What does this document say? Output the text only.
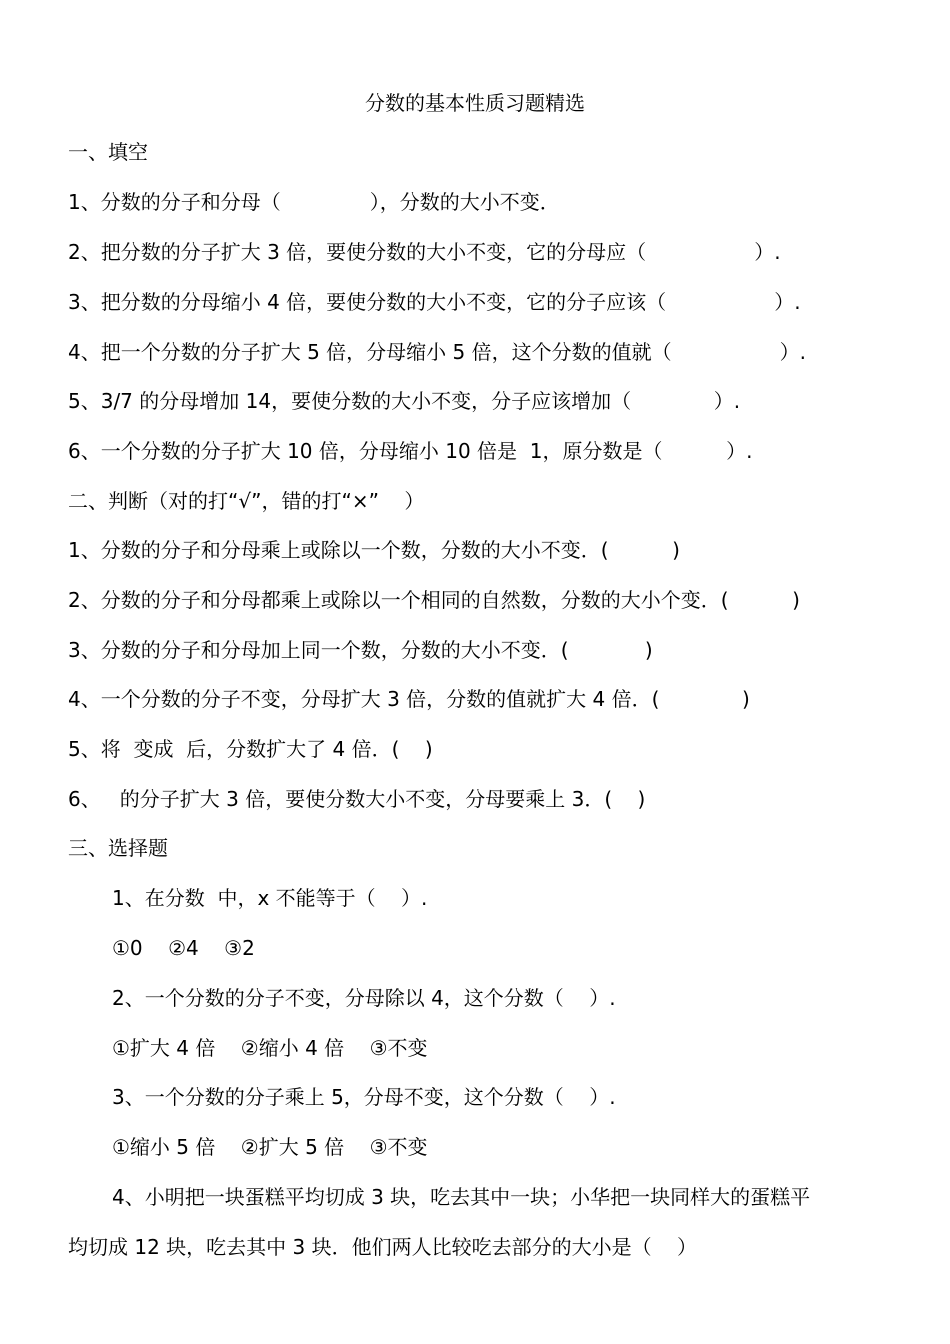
分数的基本性质习题精选
一、填空
1、分数的分子和分母（              ），分数的大小不变．
2、把分数的分子扩大 3 倍，要使分数的大小不变，它的分母应（                 ）.
3、把分数的分母缩小 4 倍，要使分数的大小不变，它的分子应该（                 ）.
4、把一个分数的分子扩大 5 倍，分母缩小 5 倍，这个分数的值就（                 ）.
5、3/7 的分母增加 14，要使分数的大小不变，分子应该增加（             ）.
6、一个分数的分子扩大 10 倍，分母缩小 10 倍是  1，原分数是（          ）.
二、判断（对的打“√”，错的打“×”    ）
1、分数的分子和分母乘上或除以一个数，分数的大小不变．(          )
2、分数的分子和分母都乘上或除以一个相同的自然数，分数的大小个变．(          )
3、分数的分子和分母加上同一个数，分数的大小不变．(            )
4、一个分数的分子不变，分母扩大 3 倍，分数的值就扩大 4 倍．(             )
5、将  变成  后，分数扩大了 4 倍．(    )
6、   的分子扩大 3 倍，要使分数大小不变，分母要乘上 3．(    )
三、选择题
1、在分数  中，x 不能等于（    ）.
①0    ②4    ③2
2、一个分数的分子不变，分母除以 4，这个分数（    ）.
①扩大 4 倍    ②缩小 4 倍    ③不变
3、一个分数的分子乘上 5，分母不变，这个分数（    ）.
①缩小 5 倍    ②扩大 5 倍    ③不变
4、小明把一块蛋糕平均切成 3 块，吃去其中一块；小华把一块同样大的蛋糕平
均切成 12 块，吃去其中 3 块．他们两人比较吃去部分的大小是（    ）
